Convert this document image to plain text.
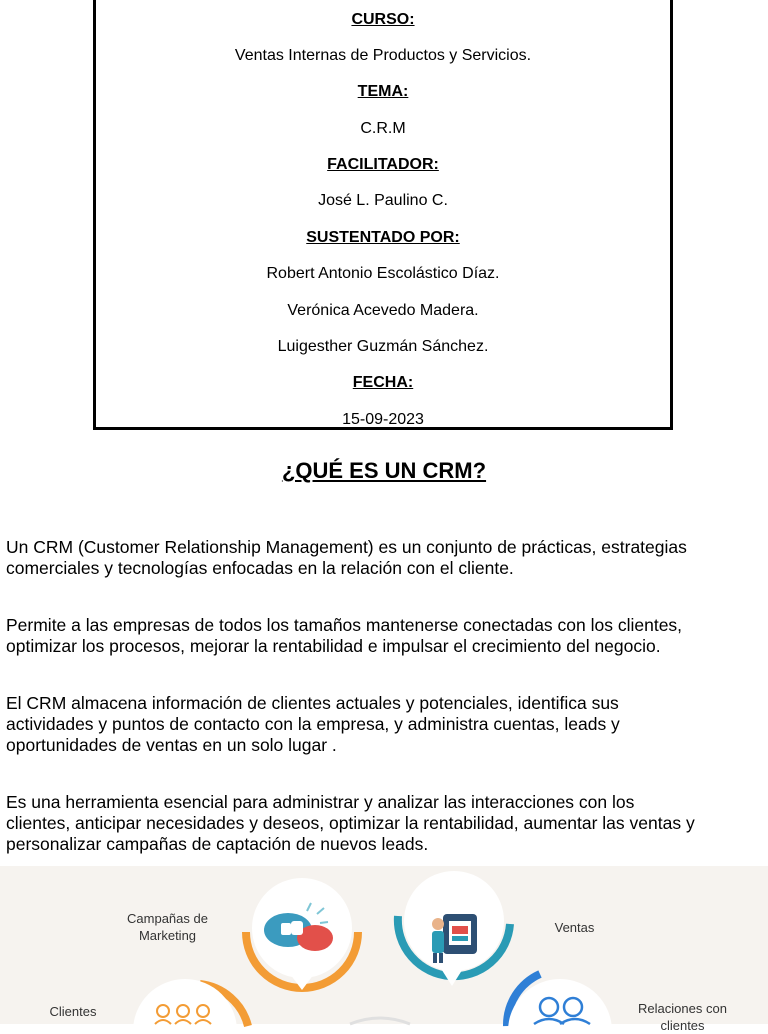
CURSO:
Ventas Internas de Productos y Servicios.
TEMA:
C.R.M
FACILITADOR:
José L. Paulino C.
SUSTENTADO POR:
Robert Antonio Escolástico Díaz.
Verónica Acevedo Madera.
Luigesther Guzmán Sánchez.
FECHA:
15-09-2023
¿QUÉ ES UN CRM?
Un CRM (Customer Relationship Management) es un conjunto de prácticas, estrategias
comerciales y tecnologías enfocadas en la relación con el cliente.
Permite a las empresas de todos los tamaños mantenerse conectadas con los clientes,
optimizar los procesos, mejorar la rentabilidad e impulsar el crecimiento del negocio.
El CRM almacena información de clientes actuales y potenciales, identifica sus
actividades y puntos de contacto con la empresa, y administra cuentas, leads y
oportunidades de ventas en un solo lugar .
Es una herramienta esencial para administrar y analizar las interacciones con los
clientes, anticipar necesidades y deseos, optimizar la rentabilidad, aumentar las ventas y
personalizar campañas de captación de nuevos leads.
Campañas de
Marketing
Ventas
Clientes	Relaciones con
clientes
